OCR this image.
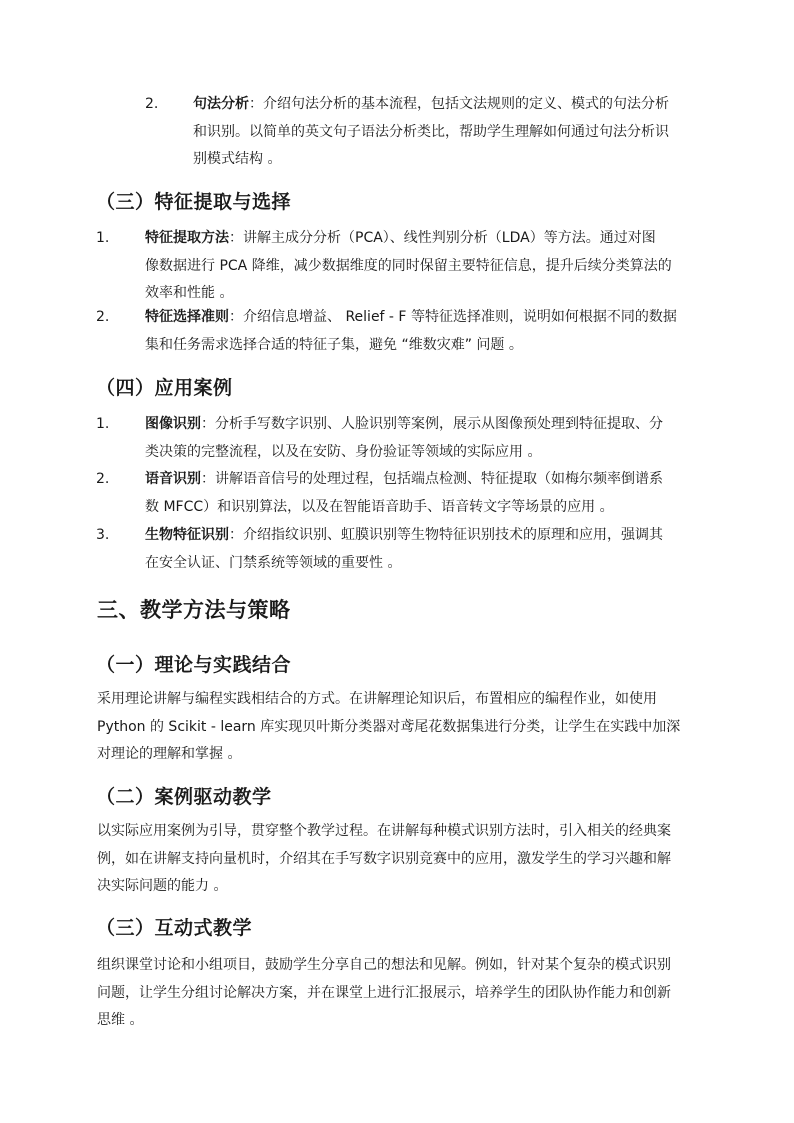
2. 句法分析：介绍句法分析的基本流程，包括文法规则的定义、模式的句法分析
和识别。以简单的英文句子语法分析类比，帮助学生理解如何通过句法分析识
别模式结构 。
（三）特征提取与选择
1.	特征提取方法：讲解主成分分析（PCA）、线性判别分析（LDA）等方法。通过对图
像数据进行 PCA 降维，减少数据维度的同时保留主要特征信息，提升后续分类算法的
效率和性能 。
2.	特征选择准则：介绍信息增益、 Relief - F 等特征选择准则，说明如何根据不同的数据
集和任务需求选择合适的特征子集，避免 “维数灾难” 问题 。
（四）应用案例
1.	图像识别：分析手写数字识别、人脸识别等案例，展示从图像预处理到特征提取、分
类决策的完整流程，以及在安防、身份验证等领域的实际应用 。
2.	语音识别：讲解语音信号的处理过程，包括端点检测、特征提取（如梅尔频率倒谱系
数 MFCC）和识别算法，以及在智能语音助手、语音转文字等场景的应用 。
3.	生物特征识别：介绍指纹识别、虹膜识别等生物特征识别技术的原理和应用，强调其
在安全认证、门禁系统等领域的重要性 。
三、教学方法与策略
（一）理论与实践结合
采用理论讲解与编程实践相结合的方式。在讲解理论知识后，布置相应的编程作业，如使用
Python 的 Scikit - learn 库实现贝叶斯分类器对鸢尾花数据集进行分类，让学生在实践中加深
对理论的理解和掌握 。
（二）案例驱动教学
以实际应用案例为引导，贯穿整个教学过程。在讲解每种模式识别方法时，引入相关的经典案
例，如在讲解支持向量机时，介绍其在手写数字识别竞赛中的应用，激发学生的学习兴趣和解
决实际问题的能力 。
（三）互动式教学
组织课堂讨论和小组项目，鼓励学生分享自己的想法和见解。例如，针对某个复杂的模式识别
问题，让学生分组讨论解决方案，并在课堂上进行汇报展示，培养学生的团队协作能力和创新
思维 。
